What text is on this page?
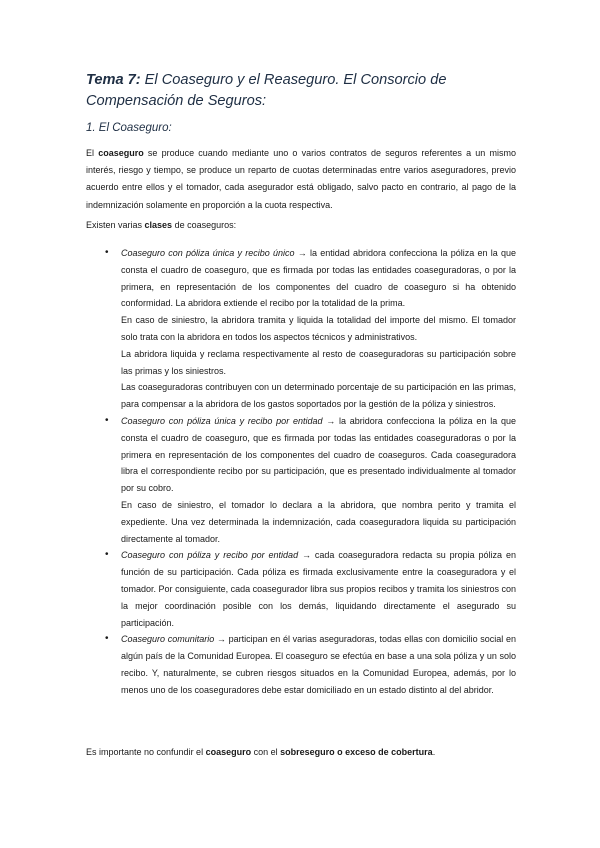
Tema 7: El Coaseguro y el Reaseguro. El Consorcio de Compensación de Seguros:
1. El Coaseguro:
El coaseguro se produce cuando mediante uno o varios contratos de seguros referentes a un mismo interés, riesgo y tiempo, se produce un reparto de cuotas determinadas entre varios aseguradores, previo acuerdo entre ellos y el tomador, cada asegurador está obligado, salvo pacto en contrario, al pago de la indemnización solamente en proporción a la cuota respectiva.
Existen varias clases de coaseguros:
• Coaseguro con póliza única y recibo único → la entidad abridora confecciona la póliza en la que consta el cuadro de coaseguro, que es firmada por todas las entidades coaseguradoras, o por la primera, en representación de los componentes del cuadro de coaseguro si ha obtenido conformidad. La abridora extiende el recibo por la totalidad de la prima.

En caso de siniestro, la abridora tramita y liquida la totalidad del importe del mismo. El tomador solo trata con la abridora en todos los aspectos técnicos y administrativos.

La abridora liquida y reclama respectivamente al resto de coaseguradoras su participación sobre las primas y los siniestros.

Las coaseguradoras contribuyen con un determinado porcentaje de su participación en las primas, para compensar a la abridora de los gastos soportados por la gestión de la póliza y siniestros.

• Coaseguro con póliza única y recibo por entidad → la abridora confecciona la póliza en la que consta el cuadro de coaseguro, que es firmada por todas las entidades coaseguradoras o por la primera en representación de los componentes del cuadro de coaseguros. Cada coaseguradora libra el correspondiente recibo por su participación, que es presentado individualmente al tomador por su cobro.

En caso de siniestro, el tomador lo declara a la abridora, que nombra perito y tramita el expediente. Una vez determinada la indemnización, cada coaseguradora liquida su participación directamente al tomador.

• Coaseguro con póliza y recibo por entidad → cada coaseguradora redacta su propia póliza en función de su participación. Cada póliza es firmada exclusivamente entre la coaseguradora y el tomador. Por consiguiente, cada coasegurador libra sus propios recibos y tramita los siniestros con la mejor coordinación posible con los demás, liquidando directamente el asegurado su participación.

• Coaseguro comunitario → participan en él varias aseguradoras, todas ellas con domicilio social en algún país de la Comunidad Europea. El coaseguro se efectúa en base a una sola póliza y un solo recibo. Y, naturalmente, se cubren riesgos situados en la Comunidad Europea, además, por lo menos uno de los coaseguradores debe estar domiciliado en un estado distinto al del abridor.

Es importante no confundir el coaseguro con el sobreseguro o exceso de cobertura.
